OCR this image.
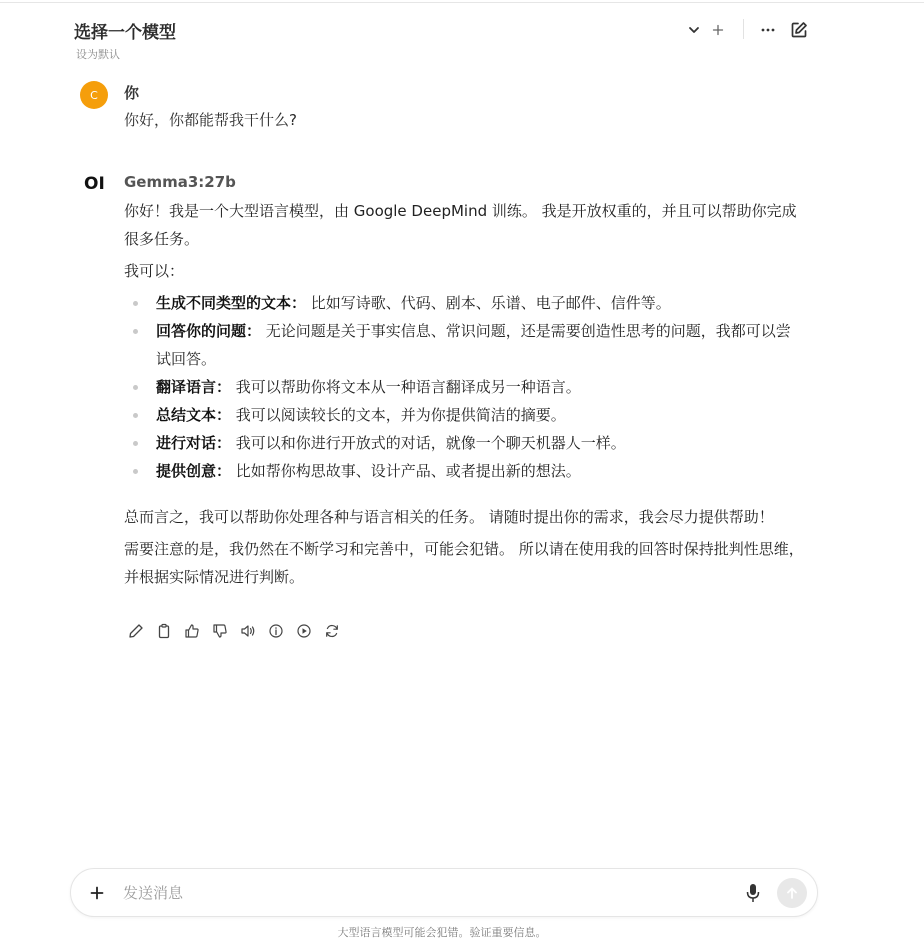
选择一个模型
设为默认
C	你
你好，你都能帮我干什么?
OI Gemma3:27b

你好！我是一个大型语言模型，由 Google DeepMind 训练。 我是开放权重的，并且可以帮助你完成很多任务。

我可以：

生成不同类型的文本： 比如写诗歌、代码、剧本、乐谱、电子邮件、信件等。
回答你的问题： 无论问题是关于事实信息、常识问题，还是需要创造性思考的问题，我都可以尝试回答。
翻译语言： 我可以帮助你将文本从一种语言翻译成另一种语言。
总结文本： 我可以阅读较长的文本，并为你提供简洁的摘要。
进行对话： 我可以和你进行开放式的对话，就像一个聊天机器人一样。
提供创意： 比如帮你构思故事、设计产品、或者提出新的想法。

总而言之，我可以帮助你处理各种与语言相关的任务。 请随时提出你的需求，我会尽力提供帮助！

需要注意的是，我仍然在不断学习和完善中，可能会犯错。 所以请在使用我的回答时保持批判性思维，并根据实际情况进行判断。

发送消息
大型语言模型可能会犯错。验证重要信息。
